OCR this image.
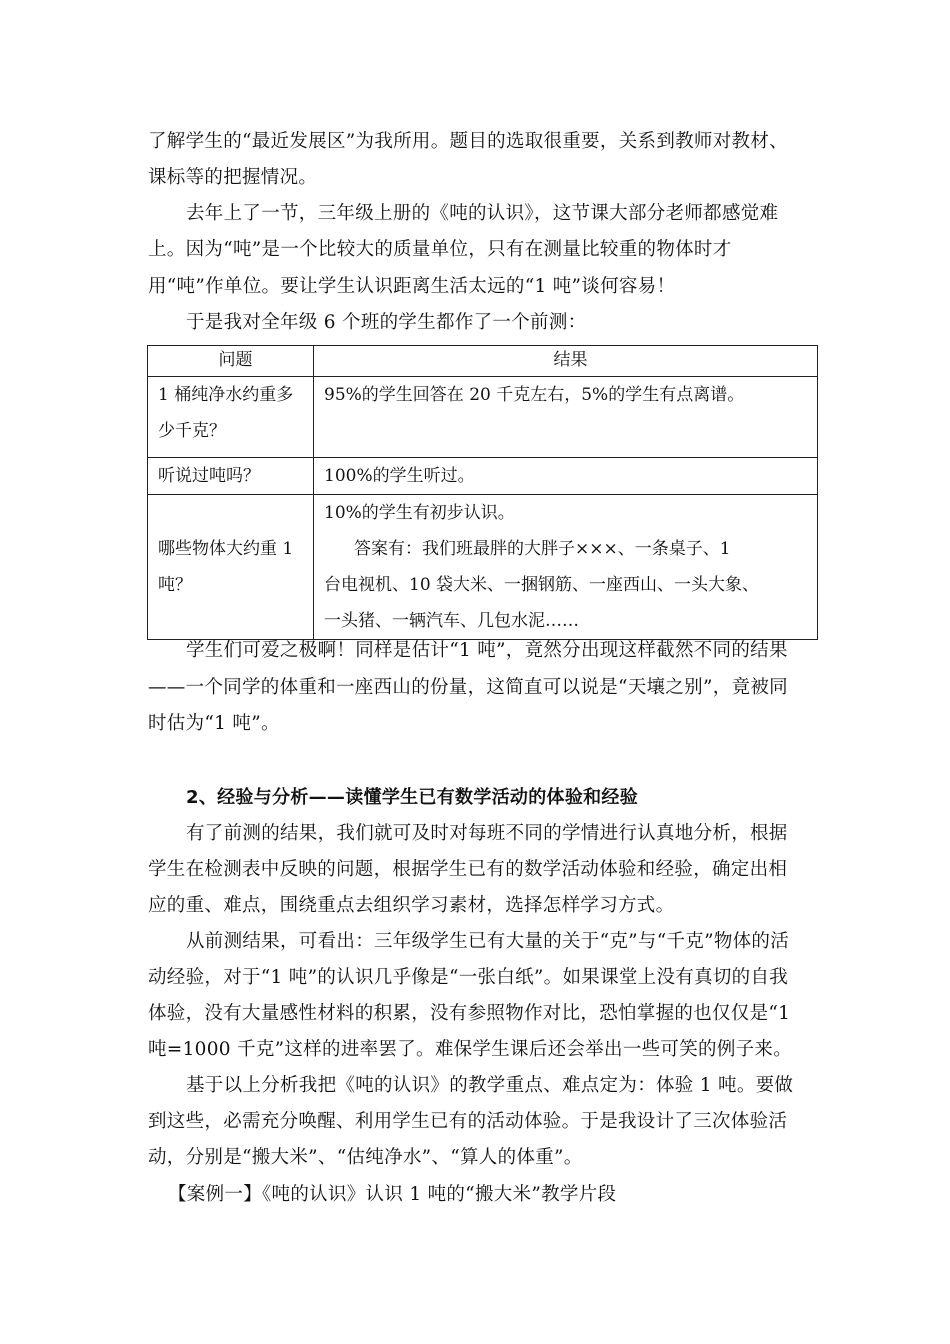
了解学生的“最近发展区”为我所用。题目的选取很重要，关系到教师对教材、
课标等的把握情况。
去年上了一节，三年级上册的《吨的认识》，这节课大部分老师都感觉难
上。因为“吨”是一个比较大的质量单位，只有在测量比较重的物体时才
用“吨”作单位。要让学生认识距离生活太远的“1 吨”谈何容易！
于是我对全年级 6 个班的学生都作了一个前测：
问题	结果

1 桶纯净水约重多
少千克？	95%的学生回答在 20 千克左右，5%的学生有点离谱。

听说过吨吗？	100%的学生听过。

哪些物体大约重 1
吨？	10%的学生有初步认识。
答案有：我们班最胖的大胖子×××、一条桌子、1
台电视机、10 袋大米、一捆钢筋、一座西山、一头大象、
一头猪、一辆汽车、几包水泥……
学生们可爱之极啊！同样是估计“1 吨”，竟然分出现这样截然不同的结果
——一个同学的体重和一座西山的份量，这简直可以说是“天壤之别”，竟被同
时估为“1 吨”。
2、经验与分析——读懂学生已有数学活动的体验和经验
有了前测的结果，我们就可及时对每班不同的学情进行认真地分析，根据
学生在检测表中反映的问题，根据学生已有的数学活动体验和经验，确定出相
应的重、难点，围绕重点去组织学习素材，选择怎样学习方式。
从前测结果，可看出：三年级学生已有大量的关于“克”与“千克”物体的活
动经验，对于“1 吨”的认识几乎像是“一张白纸”。如果课堂上没有真切的自我
体验，没有大量感性材料的积累，没有参照物作对比，恐怕掌握的也仅仅是“1
吨=1000 千克”这样的进率罢了。难保学生课后还会举出一些可笑的例子来。
基于以上分析我把《吨的认识》的教学重点、难点定为：体验 1 吨。要做
到这些，必需充分唤醒、利用学生已有的活动体验。于是我设计了三次体验活
动，分别是“搬大米”、“估纯净水”、“算人的体重”。
【案例一】《吨的认识》认识 1 吨的“搬大米”教学片段
